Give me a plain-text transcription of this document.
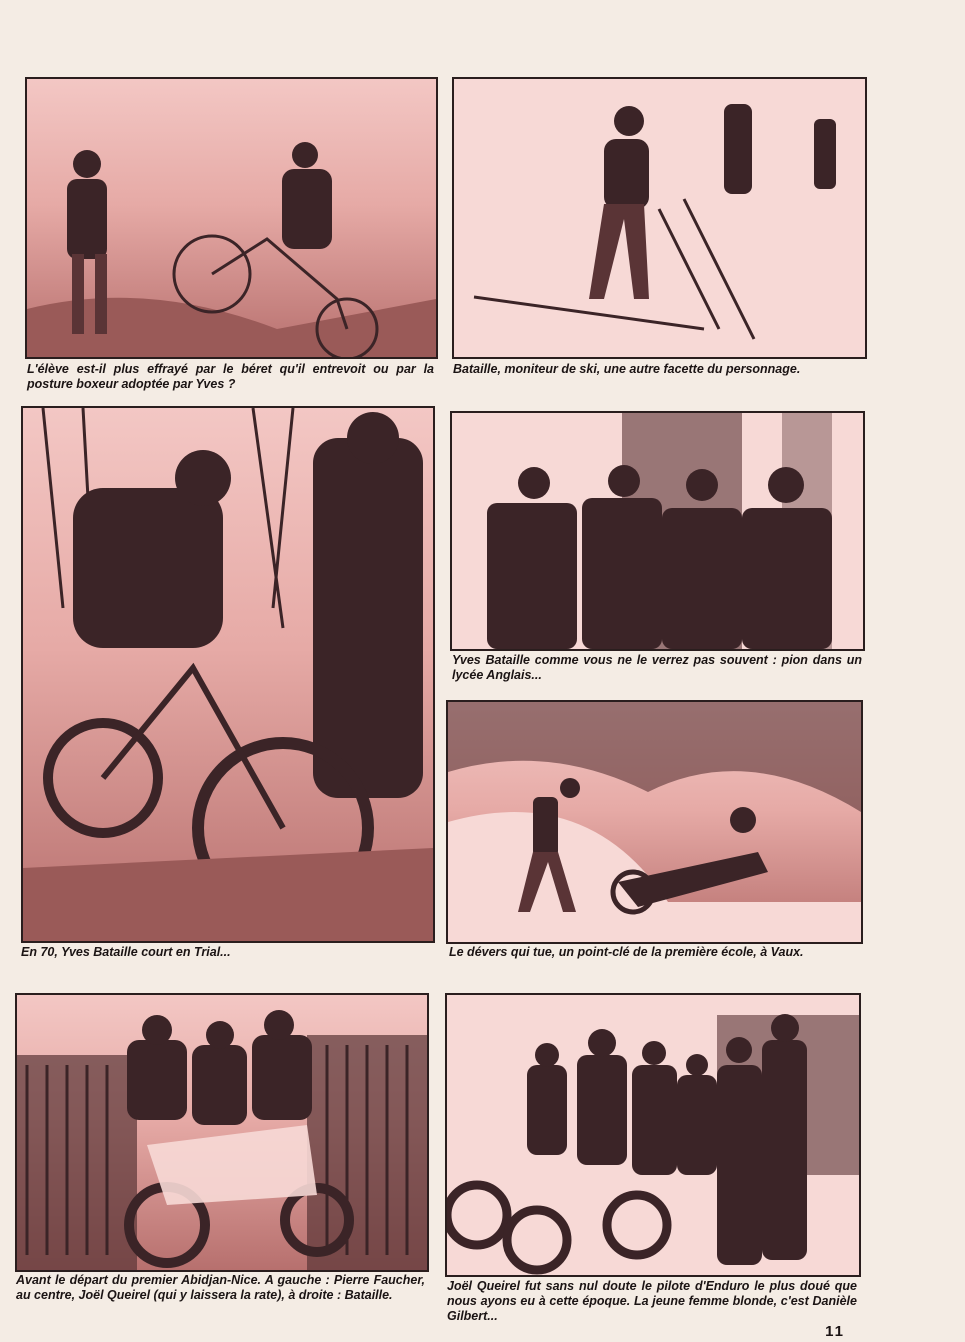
L'élève est-il plus effrayé par le béret qu'il entrevoit ou par la posture boxeur adoptée par Yves ?
Bataille, moniteur de ski, une autre facette du personnage.
En 70, Yves Bataille court en Trial...
Yves Bataille comme vous ne le verrez pas souvent : pion dans un lycée Anglais...
Le dévers qui tue, un point-clé de la première école, à Vaux.
Avant le départ du premier Abidjan-Nice. A gauche : Pierre Faucher, au centre, Joël Queirel (qui y laissera la rate), à droite : Bataille.
Joël Queirel fut sans nul doute le pilote d'Enduro le plus doué que nous ayons eu à cette époque. La jeune femme blonde, c'est Danièle Gilbert...
11
